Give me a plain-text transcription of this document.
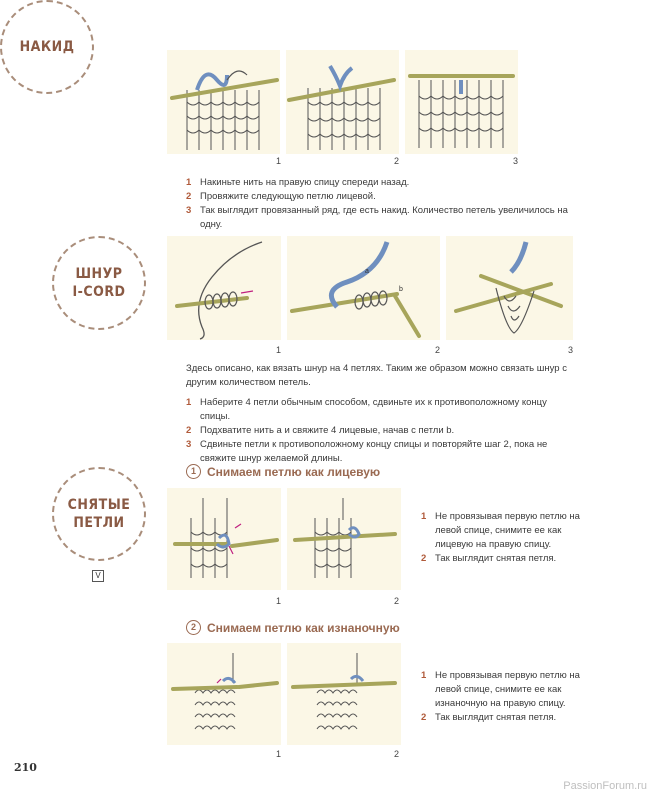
НАКИД
1	2	3
1 Накиньте нить на правую спицу спереди назад.
2 Провяжите следующую петлю лицевой.
3 Так выглядит провязанный ряд, где есть накид. Количество петель увеличилось на одну.
ШНУР
I-CORD
a
b
1	2	3
Здесь описано, как вязать шнур на 4 петлях. Таким же образом можно связать шнур с другим количеством петель.
1 Наберите 4 петли обычным способом, сдвиньте их к противоположному концу спицы.
2 Подхватите нить a и свяжите 4 лицевые, начав с петли b.
3 Сдвиньте петли к противоположному концу спицы и повторяйте шаг 2, пока не свяжите шнур желаемой длины.
СНЯТЫЕ
ПЕТЛИ
V
1 Снимаем петлю как лицевую
1	2
1 Не провязывая первую петлю на левой спице, снимите ее как лицевую на правую спицу.
2 Так выглядит снятая петля.
2 Снимаем петлю как изнаночную
1	2
1 Не провязывая первую петлю на левой спице, снимите ее как изнаночную на правую спицу.
2 Так выглядит снятая петля.
210
PassionForum.ru
